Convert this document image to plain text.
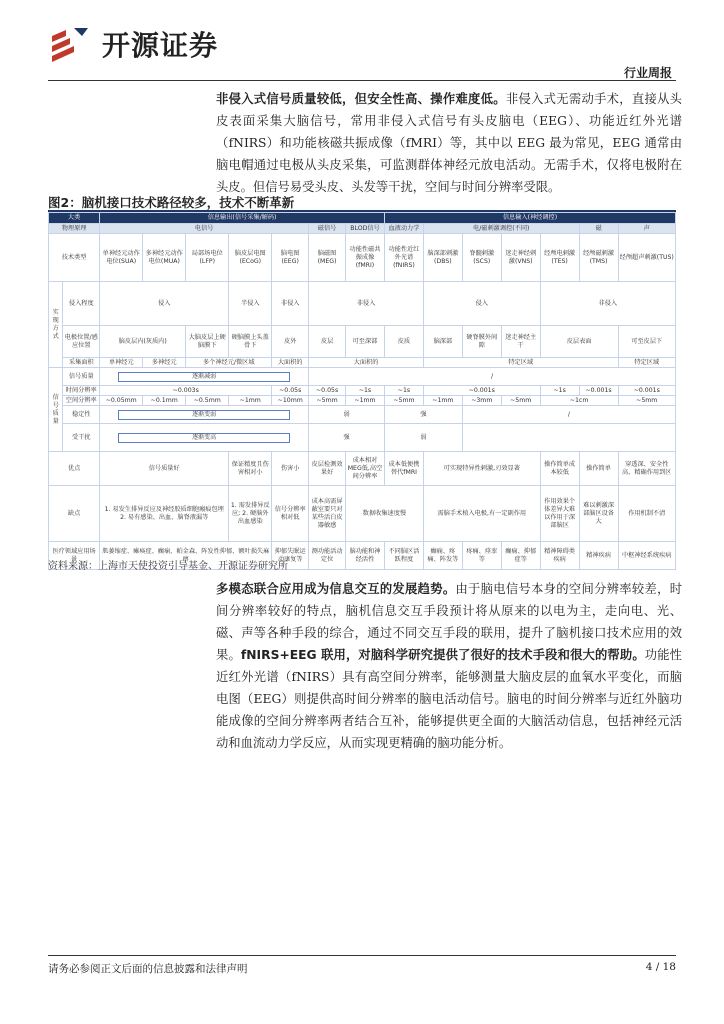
开源证券
行业周报
非侵入式信号质量较低，但安全性高、操作难度低。非侵入式无需动手术，直接从头皮表面采集大脑信号，常用非侵入式信号有头皮脑电（EEG）、功能近红外光谱（fNIRS）和功能核磁共振成像（fMRI）等，其中以 EEG 最为常见，EEG 通常由脑电帽通过电极从头皮采集，可监测群体神经元放电活动。无需手术，仅将电极附在头皮。但信号易受头皮、头发等干扰，空间与时间分辨率受限。
图2：脑机接口技术路径较多，技术不断革新
大类		信息输出(信号采集/解码)							信息输入(神经调控)						
物理原理		电信号					磁信号	BLOD信号	血液动力学	电/磁刺激调控(不同)				磁	声
技术类型		单神经元动作电位(SUA)	多神经元动作电位(MUA)	局部场电位(LFP)	脑皮层电图(ECoG)	脑电图(EEG)	脑磁图(MEG)	功能性磁共振成像(fMRI)	功能性近红外光谱(fNIRS)	脑深部刺激(DBS)	脊髓刺激(SCS)	迷走神经刺激(VNS)	经颅电刺激(TES)	经颅磁刺激(TMS)	经颅超声刺激(TUS)
实现方式	侵入程度	侵入			半侵入	非侵入	非侵入			侵入			非侵入		
	电极位置/感应位置	脑皮层内(灰质内)		大脑皮层上硬脑膜下	硬脑膜上头盖骨下	皮外	皮层	可至深部	皮质	脑深部	硬脊膜外间隙	迷走神经主干	皮层表面		可至皮层下
	采集面积	单神经元	多神经元	多个神经元/微区域		大面积的	大面积的			特定区域					特定区域
信号质量	信号质量	逐渐减弱					/								
	时间分辨率	~0.003s				~0.05s	~0.05s	~1s	~1s	~0.001s			~1s	~0.001s	~0.001s
	空间分辨率	~0.05mm	~0.1mm	~0.5mm	~1mm	~10mm	~5mm	~1mm	~5mm	~1mm	~3mm	~5mm	~1cm		~5mm
	稳定性	逐渐变弱					弱		强		/				
	受干扰	逐渐变高					强		弱						
优点		信号质量好			保证精度且伤害相对小	伤害小	皮层检测效果好	成本相对MEG低,高空间分辨率	成本低便携替代fMRI	可实现特异性刺激,刃效显著			操作简单成本较低	操作简单	穿透深、安全性高、精确作用到区
缺点		1. 易发生排异反应及神经胶质细胞瘢痕包埋 2. 易有感染、出血、脑脊液漏等			1. 需发排异反应; 2. 硬脑外出血感染	信号分辨率相对低	成本高需屏蔽室要只对某些活白皮器敏感	数据收集速度慢		需脑手术植入电极,有一定副作用			作用效果个体差异大难以作用于深部脑区	难以刺激深部脑区设备大	作用机制不清
医疗领域应用场景		肌萎缩症、瘫痪症、癫痫、帕金森、阵发性抑郁、额叶损失麻痹				抑郁失眠运动康复等	测功能活动定位	脑功能和神经活性	不同脑区活跃程度	癫痫、疼痛、阵发等	疼痛、痉挛等	癫痫、抑郁症等	精神障碍类疾病	精神疾病	中枢神经系统疾病
资料来源：上海市天使投资引导基金、开源证券研究所
多模态联合应用成为信息交互的发展趋势。由于脑电信号本身的空间分辨率较差，时间分辨率较好的特点，脑机信息交互手段预计将从原来的以电为主，走向电、光、磁、声等各种手段的综合，通过不同交互手段的联用，提升了脑机接口技术应用的效果。fNIRS+EEG 联用，对脑科学研究提供了很好的技术手段和很大的帮助。功能性近红外光谱（fNIRS）具有高空间分辨率，能够测量大脑皮层的血氧水平变化，而脑电图（EEG）则提供高时间分辨率的脑电活动信号。脑电的时间分辨率与近红外脑功能成像的空间分辨率两者结合互补，能够提供更全面的大脑活动信息，包括神经元活动和血流动力学反应，从而实现更精确的脑功能分析。
请务必参阅正文后面的信息披露和法律声明	4 / 18
